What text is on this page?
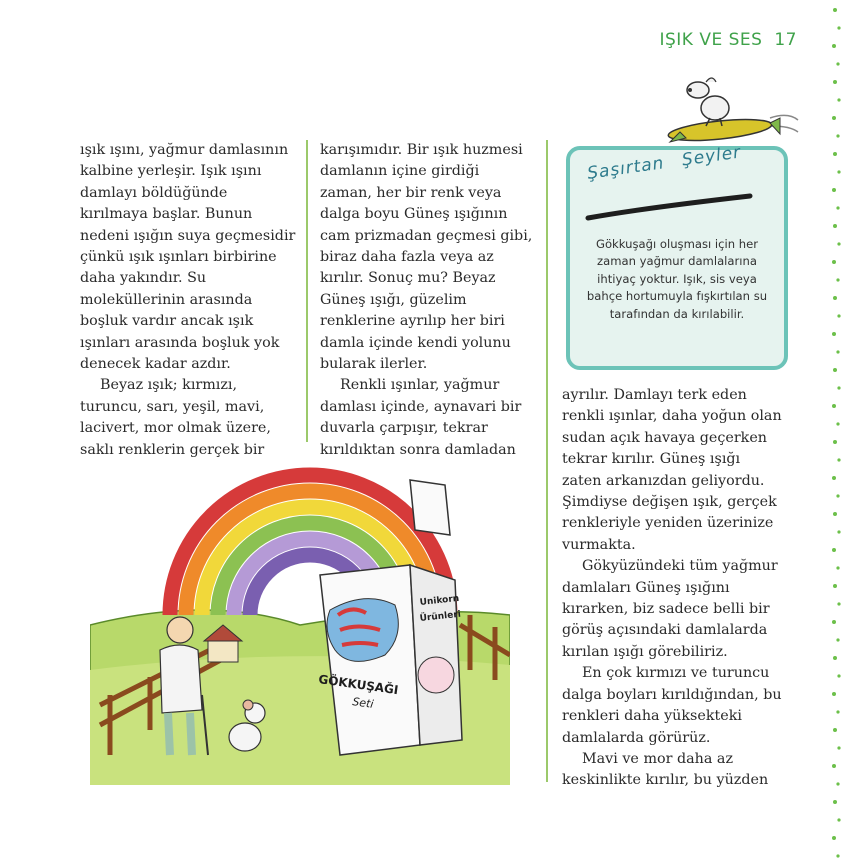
IŞIK VE SES 17

ışık ışını, yağmur damlasının kalbine yerleşir. Işık ışını damlayı böldüğünde kırılmaya başlar. Bunun nedeni ışığın suya geçmesidir çünkü ışık ışınları birbirine daha yakındır. Su moleküllerinin arasında boşluk vardır ancak ışık ışınları arasında boşluk yok denecek kadar azdır.

Beyaz ışık; kırmızı, turuncu, sarı, yeşil, mavi, lacivert, mor olmak üzere, saklı renklerin gerçek bir

karışımıdır. Bir ışık huzmesi damlanın içine girdiği zaman, her bir renk veya dalga boyu Güneş ışığının cam prizmadan geçmesi gibi, biraz daha fazla veya az kırılır. Sonuç mu? Beyaz Güneş ışığı, güzelim renklerine ayrılıp her biri damla içinde kendi yolunu bularak ilerler.

Renkli ışınlar, yağmur damlası içinde, aynavari bir duvarla çarpışır, tekrar kırıldıktan sonra damladan

ayrılır. Damlayı terk eden renkli ışınlar, daha yoğun olan sudan açık havaya geçerken tekrar kırılır. Güneş ışığı zaten arkanızdan geliyordu. Şimdiyse değişen ışık, gerçek renkleriyle yeniden üzerinize vurmakta.

Gökyüzündeki tüm yağmur damlaları Güneş ışığını kırarken, biz sadece belli bir görüş açısındaki damlalarda kırılan ışığı görebiliriz.

En çok kırmızı ve turuncu dalga boyları kırıldığından, bu renkleri daha yüksekteki damlalarda görürüz.

Mavi ve mor daha az keskinlikte kırılır, bu yüzden

Şaşırtan Şeyler
Gökkuşağı oluşması için her zaman yağmur damlalarına ihtiyaç yoktur. Işık, sis veya bahçe hortumuyla fışkırtılan su tarafından da kırılabilir.
GÖKKUŞAĞI
Seti
Unikorn
Ürünleri
